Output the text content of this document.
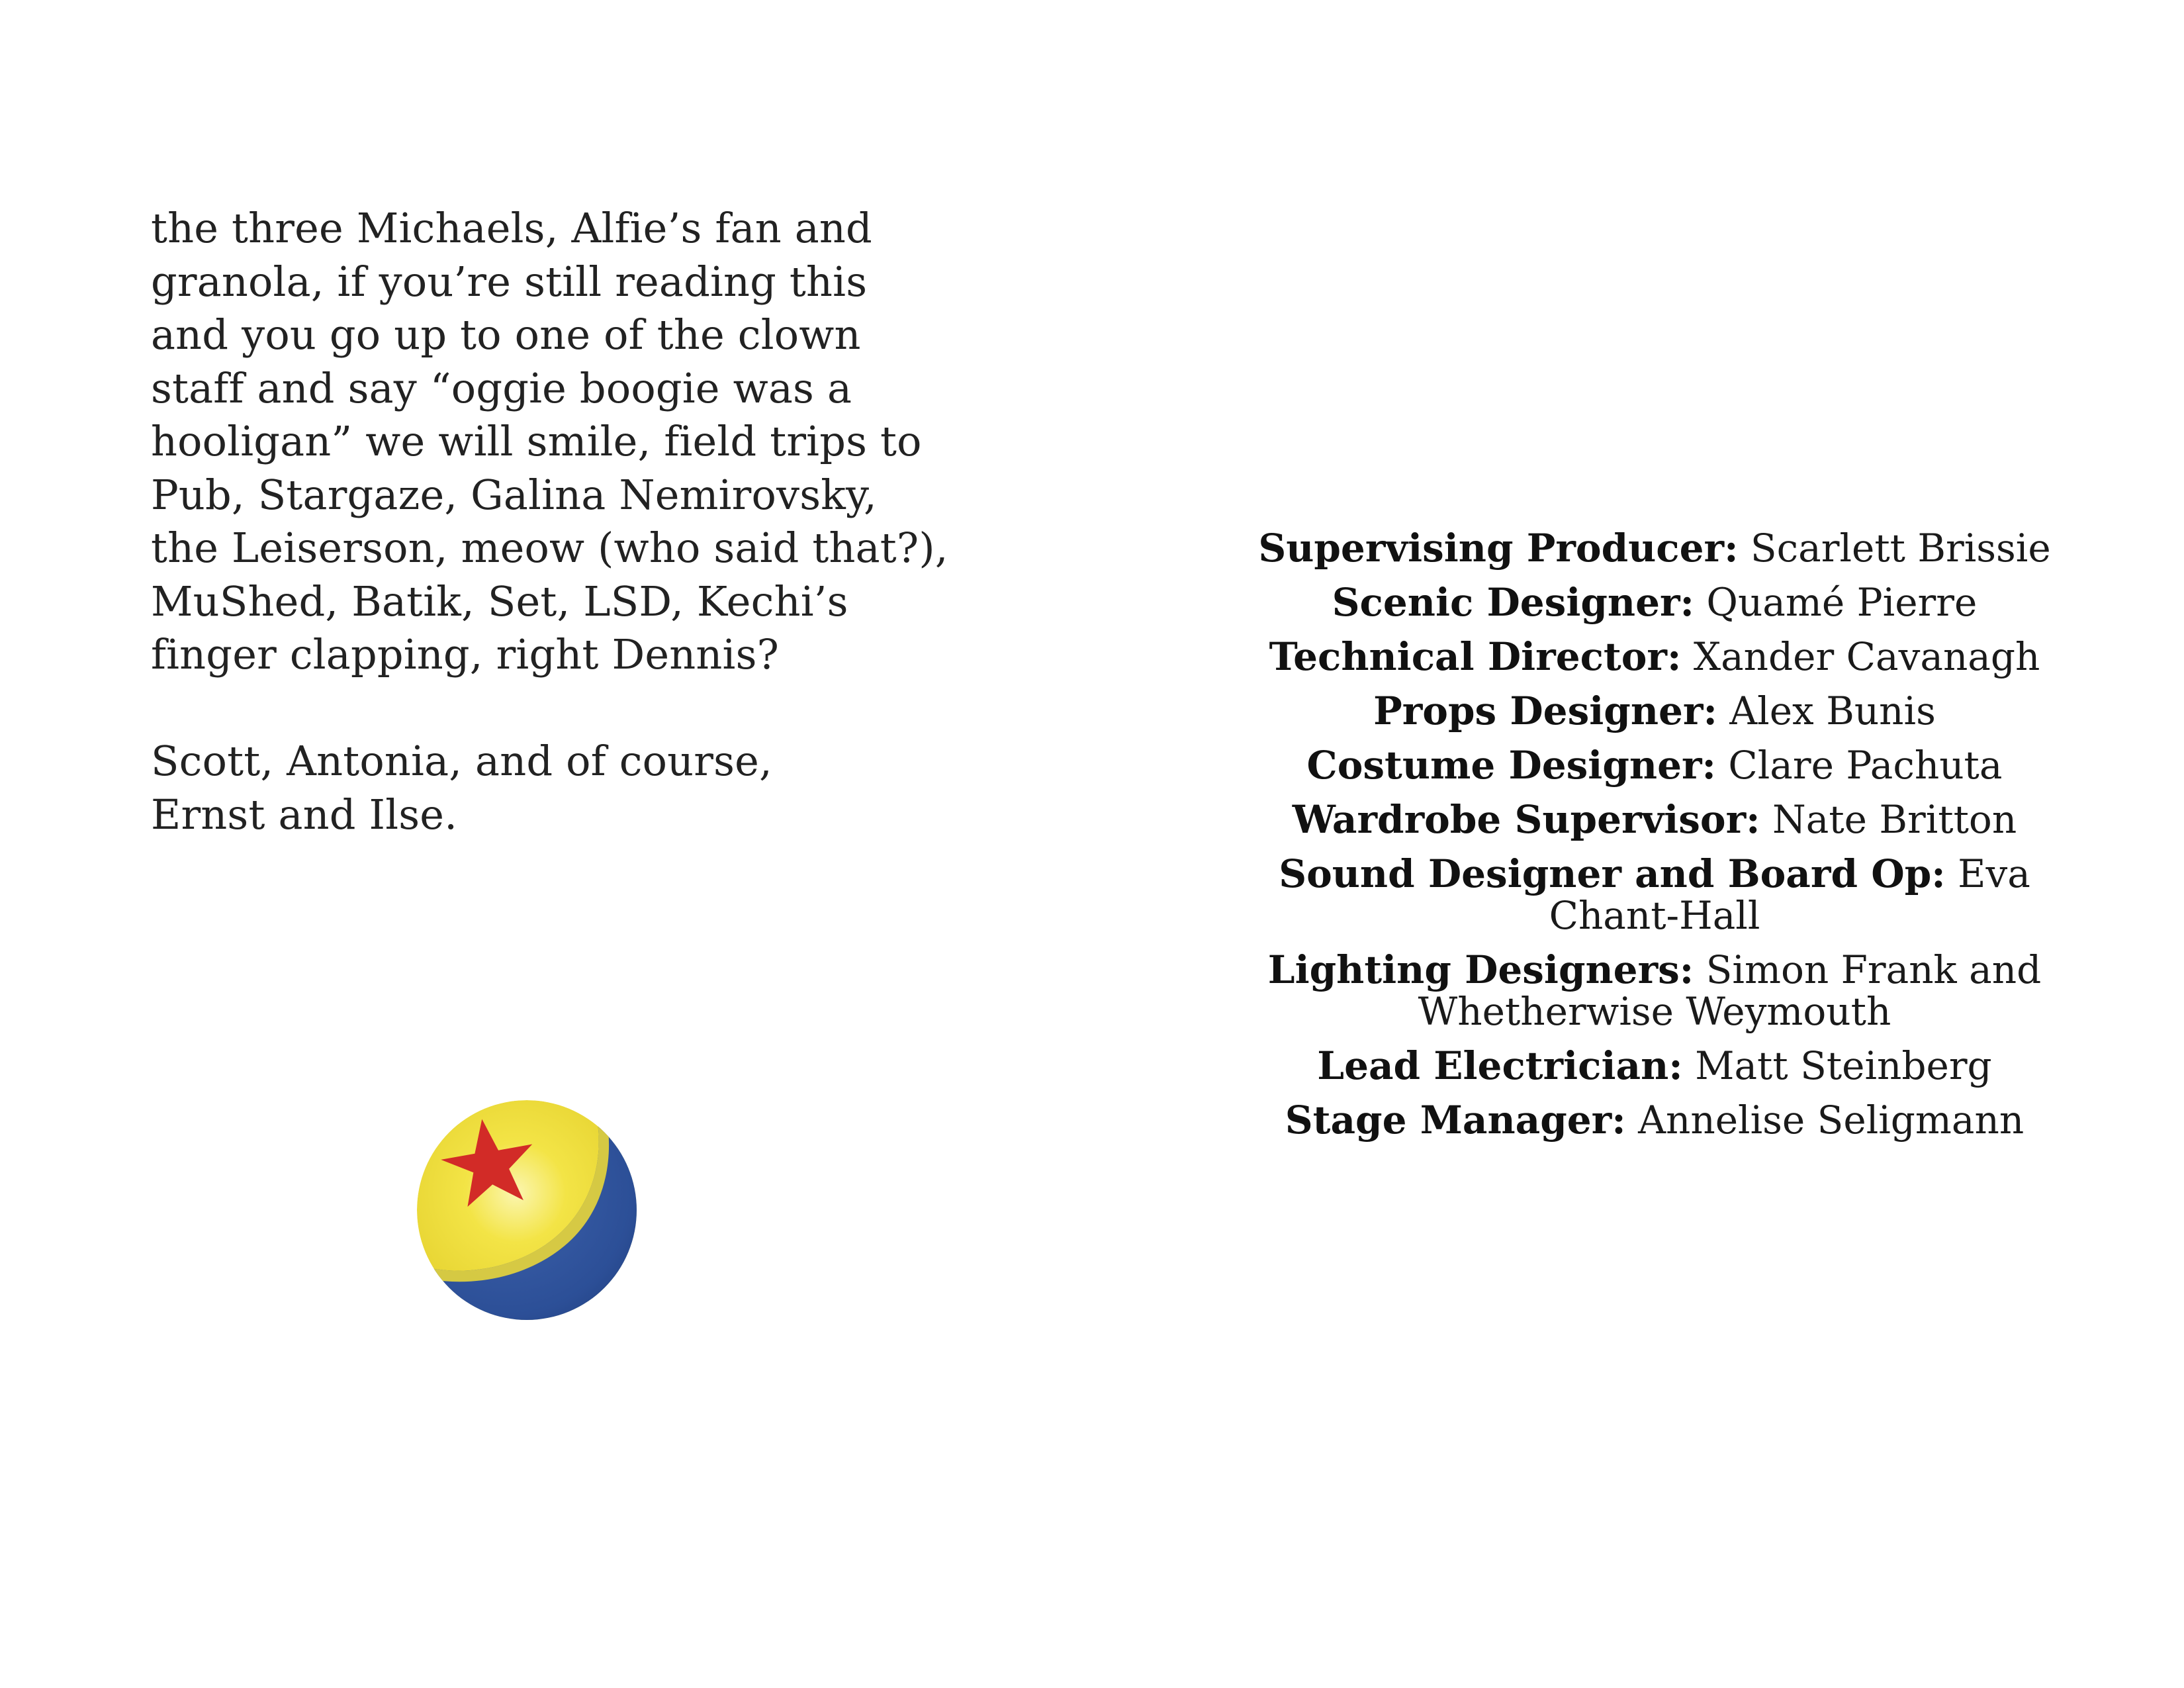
the three Michaels, Alfie’s fan and
granola, if you’re still reading this
and you go up to one of the clown
staff and say “oggie boogie was a
hooligan” we will smile, field trips to
Pub, Stargaze, Galina Nemirovsky,
the Leiserson, meow (who said that?),
MuShed, Batik, Set, LSD, Kechi’s
finger clapping, right Dennis?
Scott, Antonia, and of course,
Ernst and Ilse.
Supervising Producer: Scarlett Brissie
Scenic Designer: Quamé Pierre
Technical Director: Xander Cavanagh
Props Designer: Alex Bunis
Costume Designer: Clare Pachuta
Wardrobe Supervisor: Nate Britton
Sound Designer and Board Op: Eva
Chant-Hall
Lighting Designers: Simon Frank and
Whetherwise Weymouth
Lead Electrician: Matt Steinberg
Stage Manager: Annelise Seligmann
